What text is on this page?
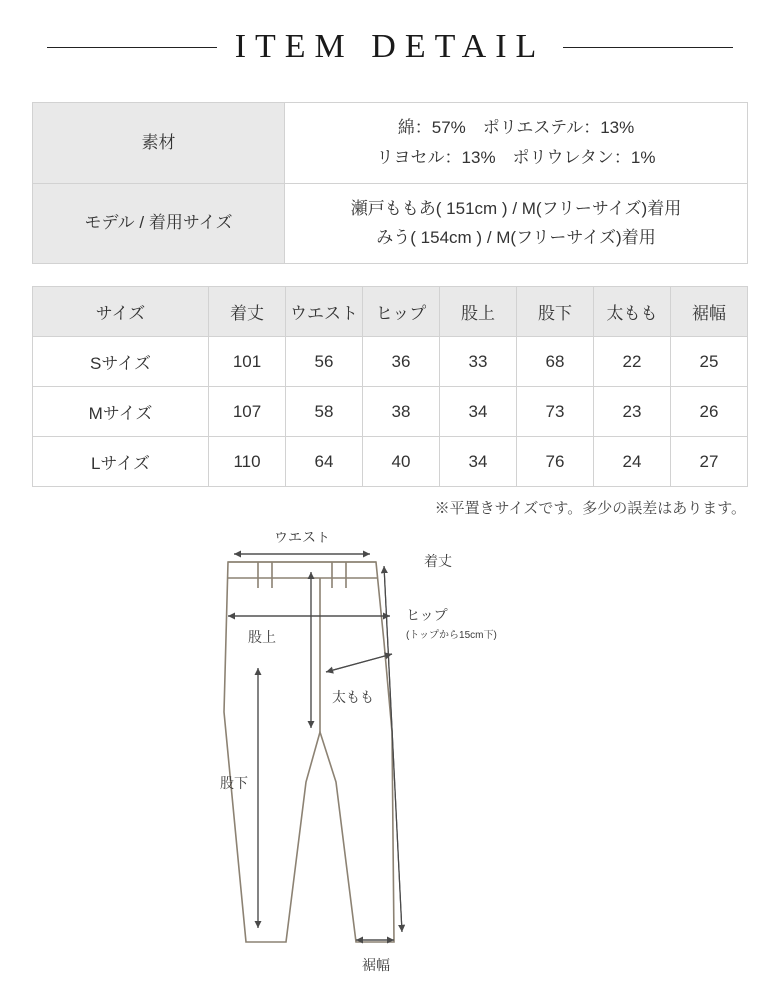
ITEM DETAIL
素材	綿：57%　ポリエステル：13%
リヨセル：13%　ポリウレタン：1%

モデル / 着用サイズ	瀬戸ももあ( 151cm ) / M(フリーサイズ)着用
みう( 154cm ) / M(フリーサイズ)着用
サイズ	着丈	ウエスト	ヒップ	股上	股下	太もも	裾幅
Sサイズ	101	56	36	33	68	22	25
Mサイズ	107	58	38	34	73	23	26
Lサイズ	110	64	40	34	76	24	27
※平置きサイズです。多少の誤差はあります。
ウエスト
着丈
ヒップ
(トップから15cm下)
股上
太もも
股下
裾幅
